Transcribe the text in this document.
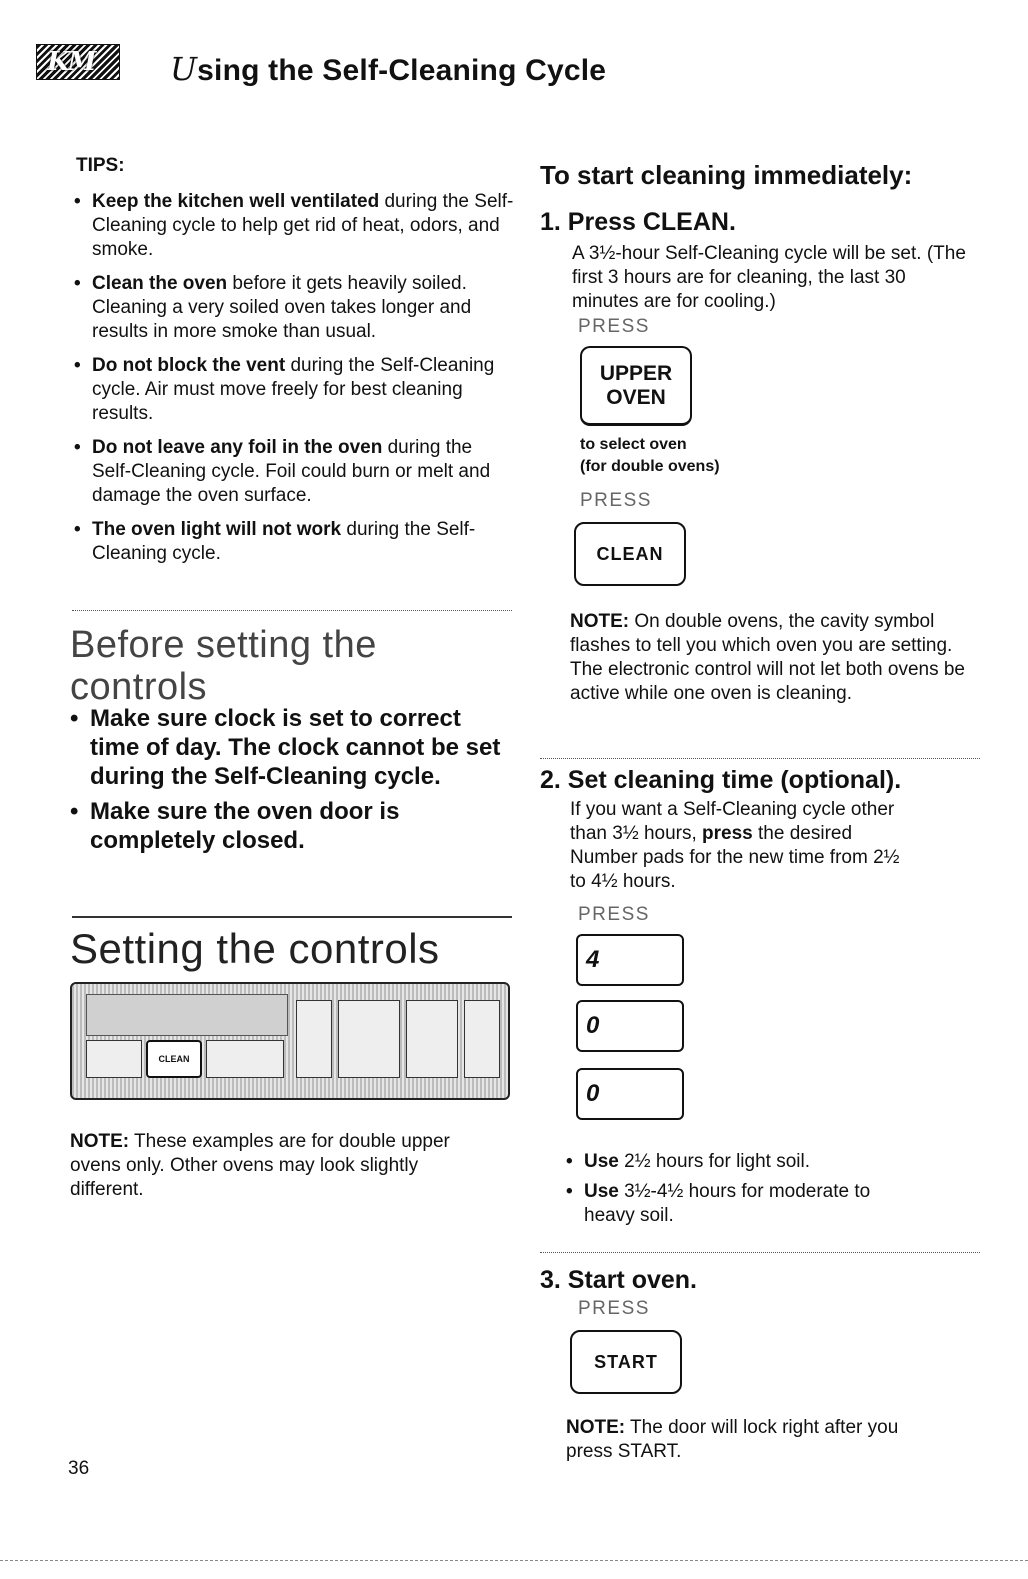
KM Using the Self-Cleaning Cycle
TIPS:
• Keep the kitchen well ventilated during the Self-Cleaning cycle to help get rid of heat, odors, and smoke.
• Clean the oven before it gets heavily soiled. Cleaning a very soiled oven takes longer and results in more smoke than usual.
• Do not block the vent during the Self-Cleaning cycle. Air must move freely for best cleaning results.
• Do not leave any foil in the oven during the Self-Cleaning cycle. Foil could burn or melt and damage the oven surface.
• The oven light will not work during the Self-Cleaning cycle.
Before setting the controls
• Make sure clock is set to correct time of day. The clock cannot be set during the Self-Cleaning cycle.
• Make sure the oven door is completely closed.
Setting the controls
CLEAN
NOTE: These examples are for double upper ovens only. Other ovens may look slightly different.
36
To start cleaning immediately:
1. Press CLEAN.
A 3½-hour Self-Cleaning cycle will be set. (The first 3 hours are for cleaning, the last 30 minutes are for cooling.)
PRESS
UPPER
OVEN
to select oven
(for double ovens)
PRESS
CLEAN
NOTE: On double ovens, the cavity symbol flashes to tell you which oven you are setting. The electronic control will not let both ovens be active while one oven is cleaning.
2. Set cleaning time (optional).
If you want a Self-Cleaning cycle other than 3½ hours, press the desired Number pads for the new time from 2½ to 4½ hours.
PRESS
4
0
0
• Use 2½ hours for light soil.
• Use 3½-4½ hours for moderate to heavy soil.
3. Start oven.
PRESS
START
NOTE: The door will lock right after you press START.
